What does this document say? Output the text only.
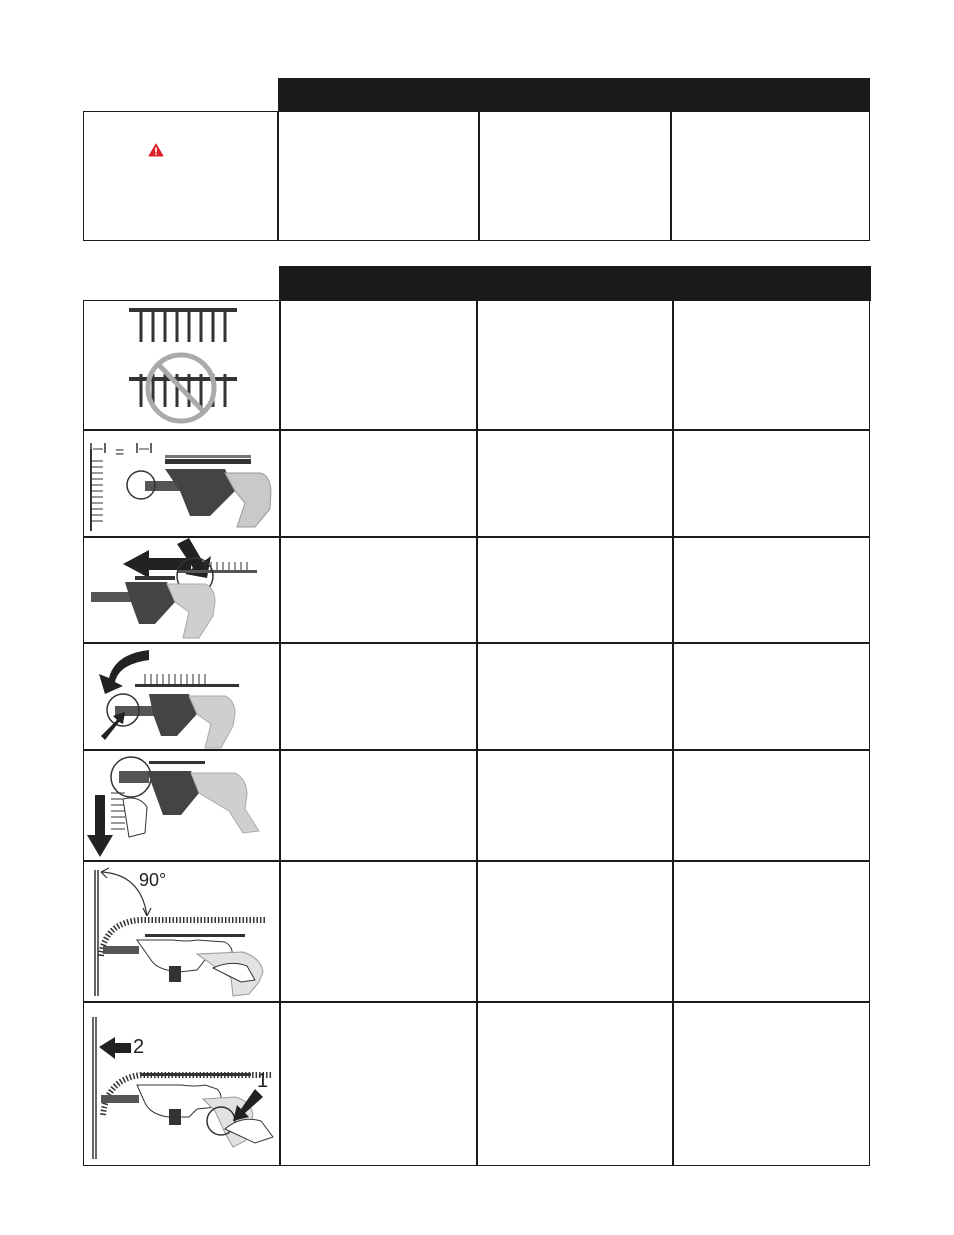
=
90°
2
1
